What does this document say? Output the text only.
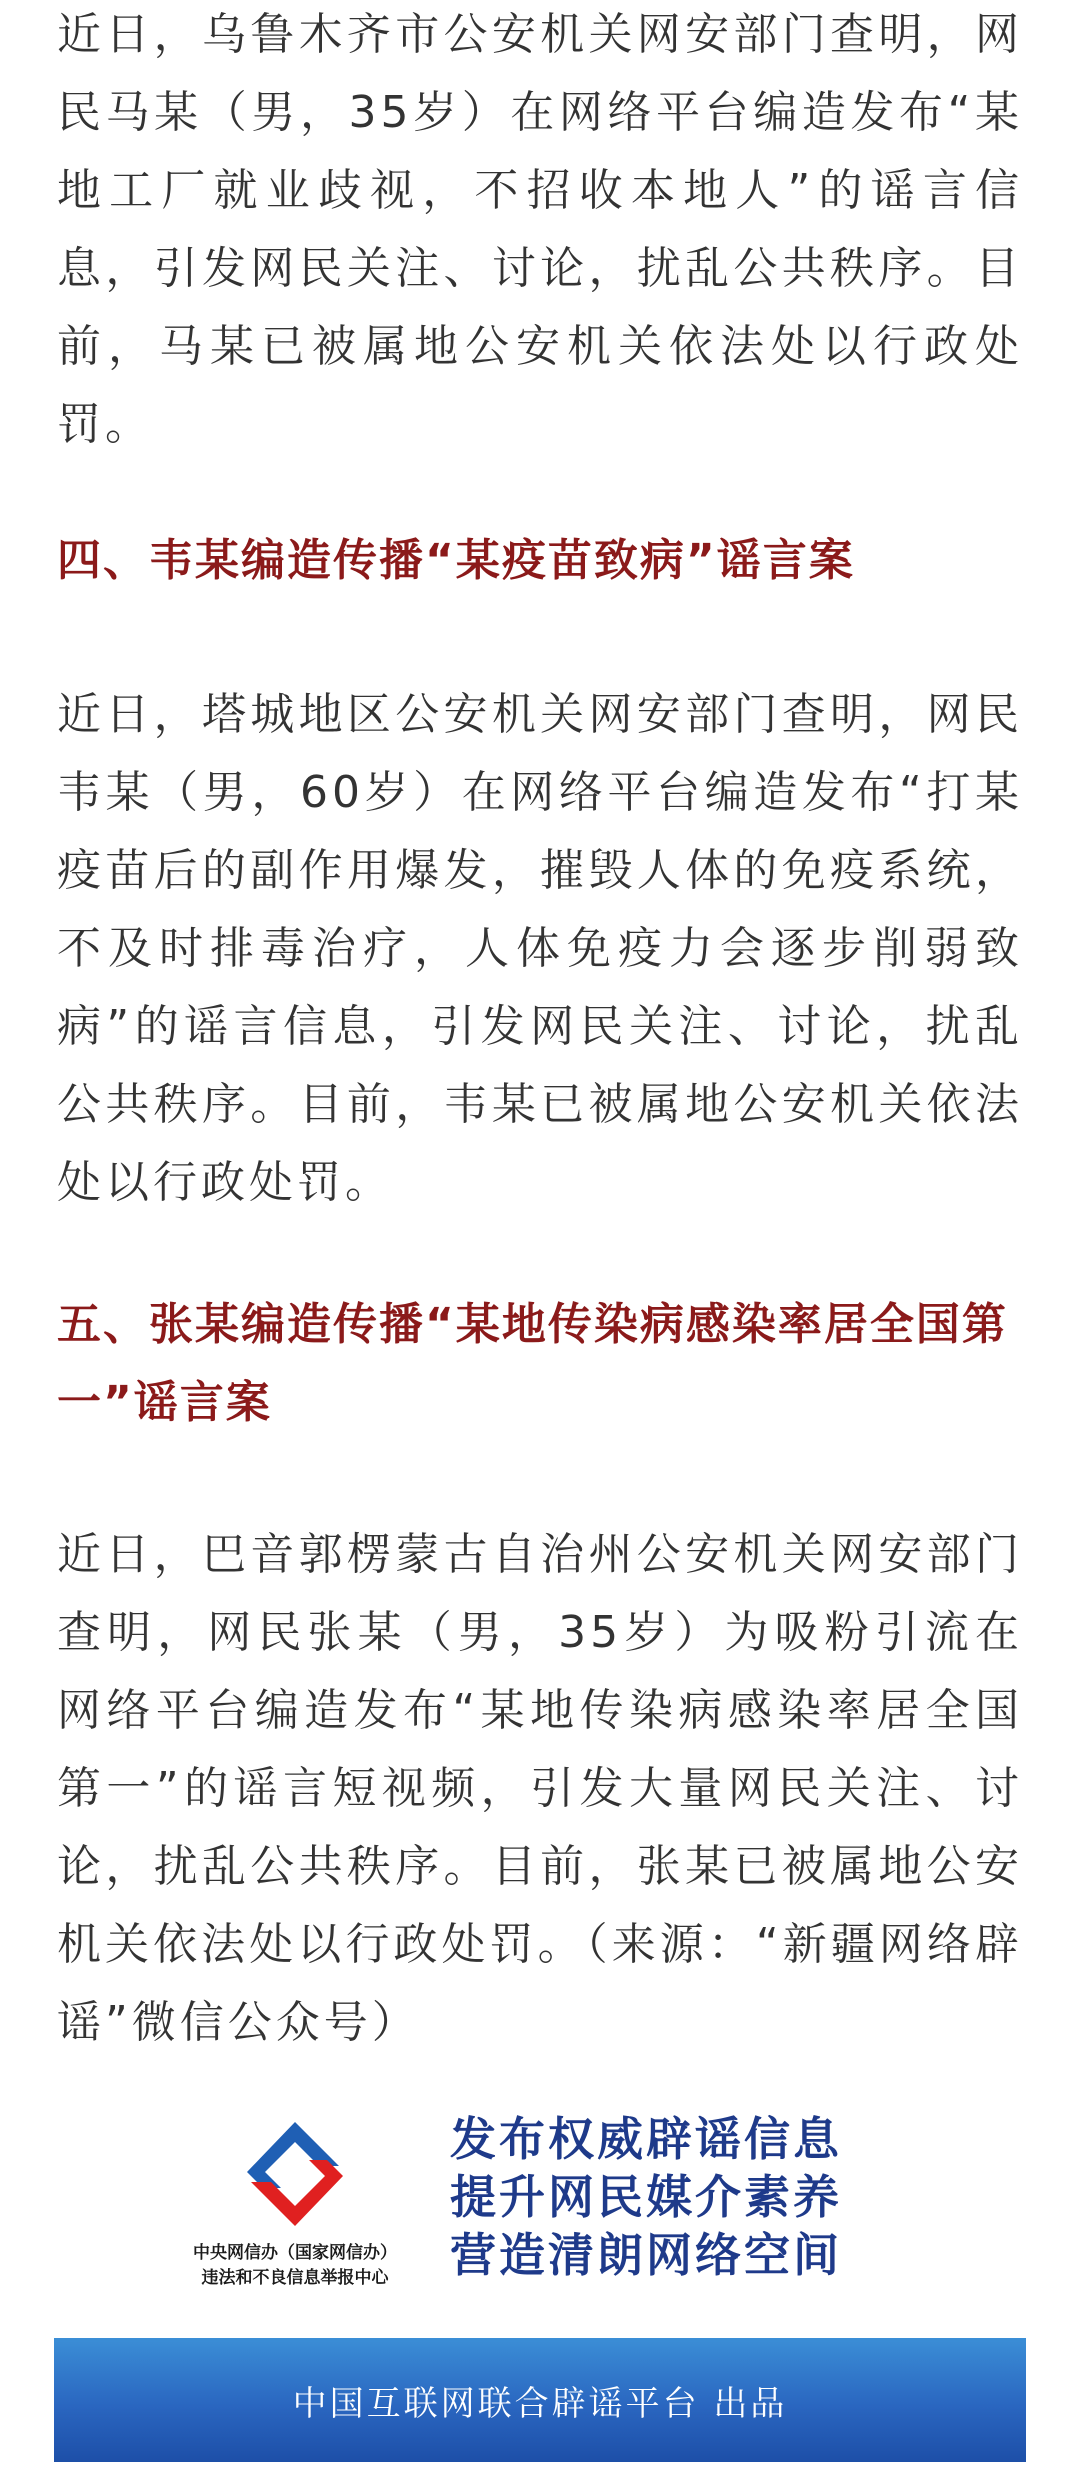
近日，乌鲁木齐市公安机关网安部门查明，网民马某（男，35岁）在网络平台编造发布“某地工厂就业歧视，不招收本地人”的谣言信息，引发网民关注、讨论，扰乱公共秩序。目前，马某已被属地公安机关依法处以行政处罚。

四、韦某编造传播“某疫苗致病”谣言案

近日，塔城地区公安机关网安部门查明，网民韦某（男，60岁）在网络平台编造发布“打某疫苗后的副作用爆发，摧毁人体的免疫系统，不及时排毒治疗，人体免疫力会逐步削弱致病”的谣言信息，引发网民关注、讨论，扰乱公共秩序。目前，韦某已被属地公安机关依法处以行政处罚。

五、张某编造传播“某地传染病感染率居全国第一”谣言案

近日，巴音郭楞蒙古自治州公安机关网安部门查明，网民张某（男，35岁）为吸粉引流在网络平台编造发布“某地传染病感染率居全国第一”的谣言短视频，引发大量网民关注、讨论，扰乱公共秩序。目前，张某已被属地公安机关依法处以行政处罚。（来源：“新疆网络辟谣”微信公众号）

中央网信办（国家网信办）
违法和不良信息举报中心
发布权威辟谣信息
提升网民媒介素养
营造清朗网络空间
中国互联网联合辟谣平台 出品
